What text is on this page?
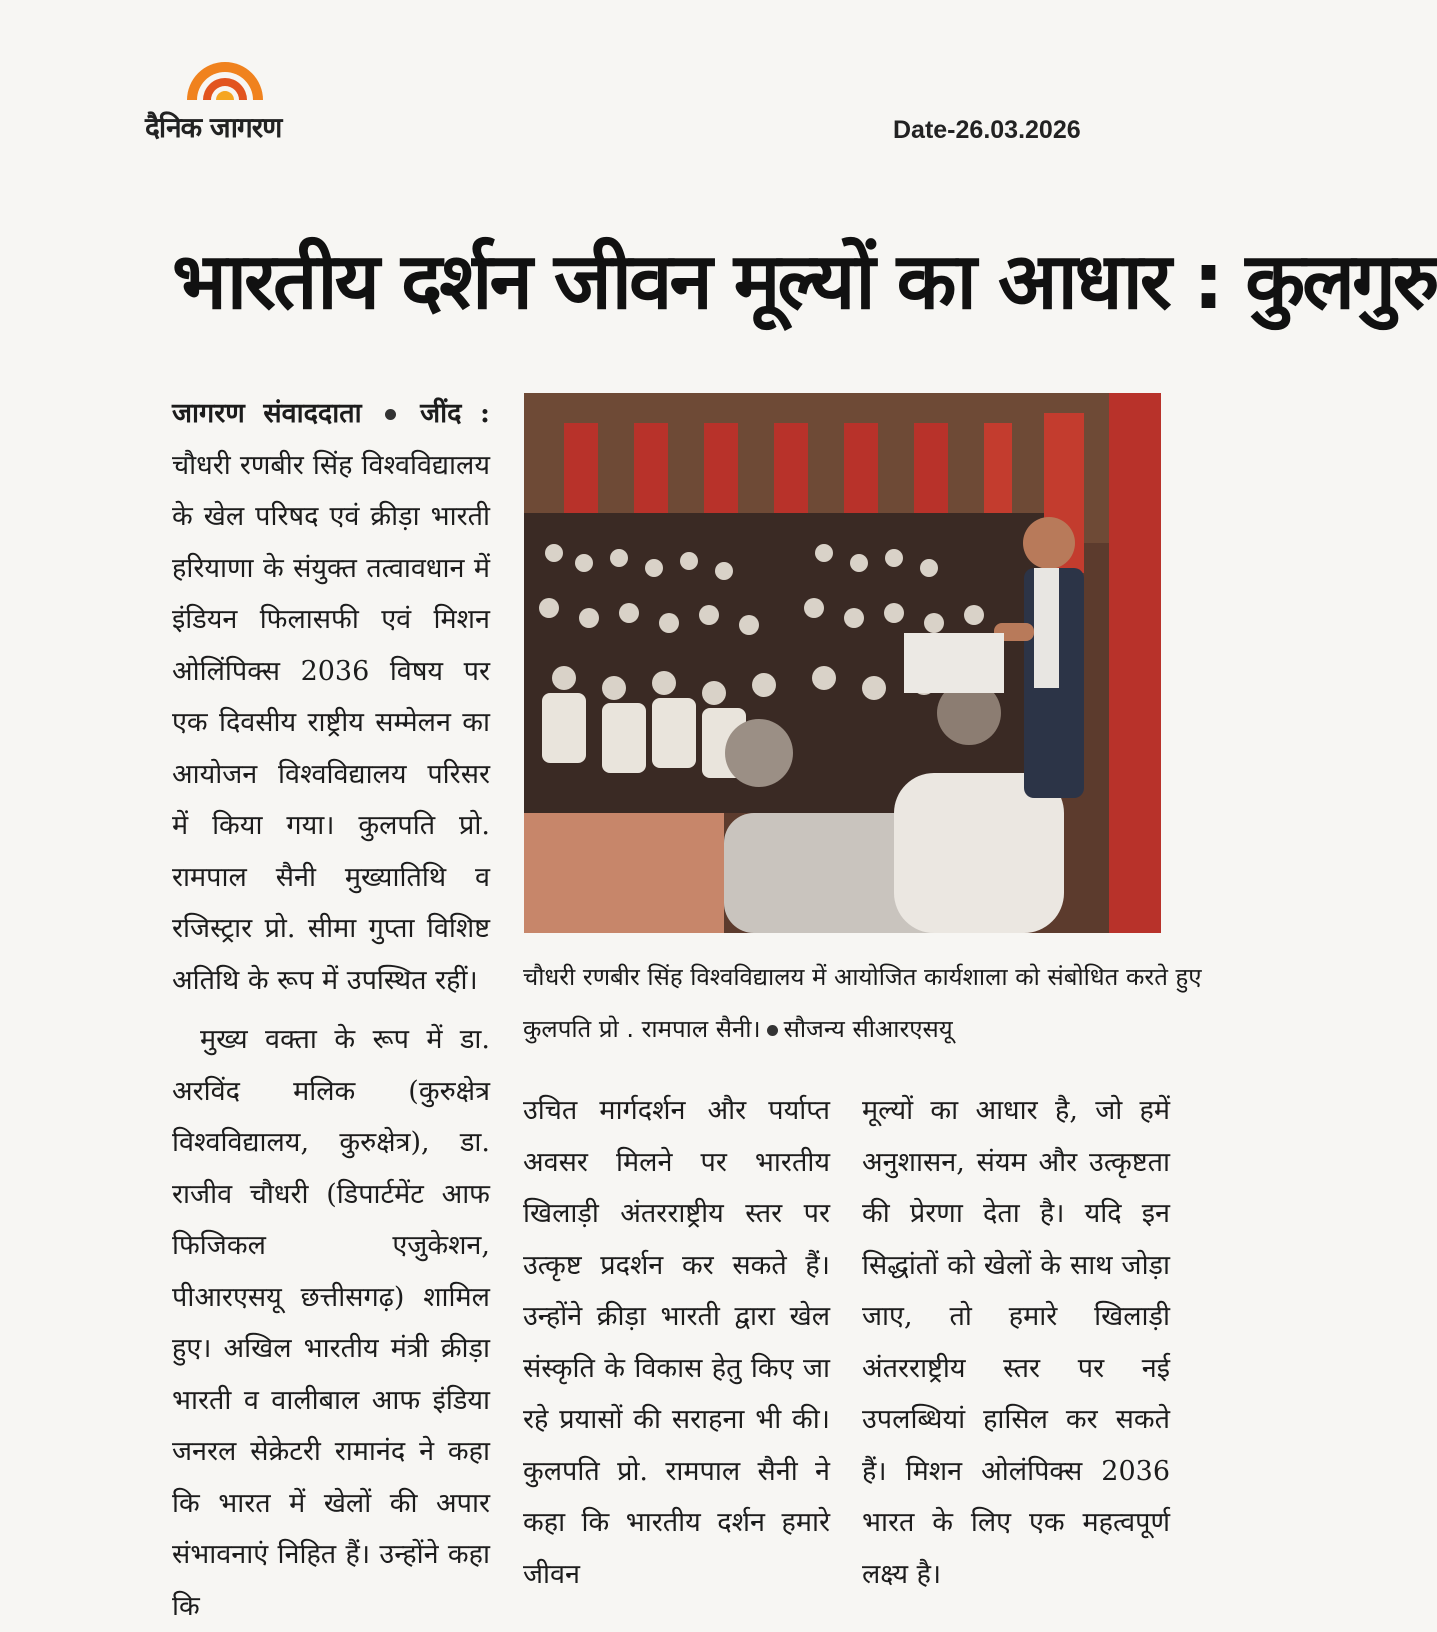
दैनिक जागरण	Date-26.03.2026
भारतीय दर्शन जीवन मूल्यों का आधार : कुलगुरु

जागरण संवाददाता जींद : चौधरी रणबीर सिंह विश्वविद्यालय के खेल परिषद एवं क्रीड़ा भारती हरियाणा के संयुक्त तत्वावधान में इंडियन फिलासफी एवं मिशन ओलिंपिक्स 2036 विषय पर एक दिवसीय राष्ट्रीय सम्मेलन का आयोजन विश्वविद्यालय परिसर में किया गया। कुलपति प्रो. रामपाल सैनी मुख्यातिथि व रजिस्ट्रार प्रो. सीमा गुप्ता विशिष्ट अतिथि के रूप में उपस्थित रहीं।

मुख्य वक्ता के रूप में डा. अरविंद मलिक (कुरुक्षेत्र विश्वविद्यालय, कुरुक्षेत्र), डा. राजीव चौधरी (डिपार्टमेंट आफ फिजिकल एजुकेशन, पीआरएसयू छत्तीसगढ़) शामिल हुए। अखिल भारतीय मंत्री क्रीड़ा भारती व वालीबाल आफ इंडिया जनरल सेक्रेटरी रामानंद ने कहा कि भारत में खेलों की अपार संभावनाएं निहित हैं। उन्होंने कहा कि

चौधरी रणबीर सिंह विश्वविद्यालय में आयोजित कार्यशाला को संबोधित करते हुए
कुलपति प्रो . रामपाल सैनी। सौजन्य सीआरएसयू

उचित मार्गदर्शन और पर्याप्त अवसर मिलने पर भारतीय खिलाड़ी अंतरराष्ट्रीय स्तर पर उत्कृष्ट प्रदर्शन कर सकते हैं। उन्होंने क्रीड़ा भारती द्वारा खेल संस्कृति के विकास हेतु किए जा रहे प्रयासों की सराहना भी की। कुलपति प्रो. रामपाल सैनी ने कहा कि भारतीय दर्शन हमारे जीवन

मूल्यों का आधार है, जो हमें अनुशासन, संयम और उत्कृष्टता की प्रेरणा देता है। यदि इन सिद्धांतों को खेलों के साथ जोड़ा जाए, तो हमारे खिलाड़ी अंतरराष्ट्रीय स्तर पर नई उपलब्धियां हासिल कर सकते हैं। मिशन ओलंपिक्स 2036 भारत के लिए एक महत्वपूर्ण लक्ष्य है।
